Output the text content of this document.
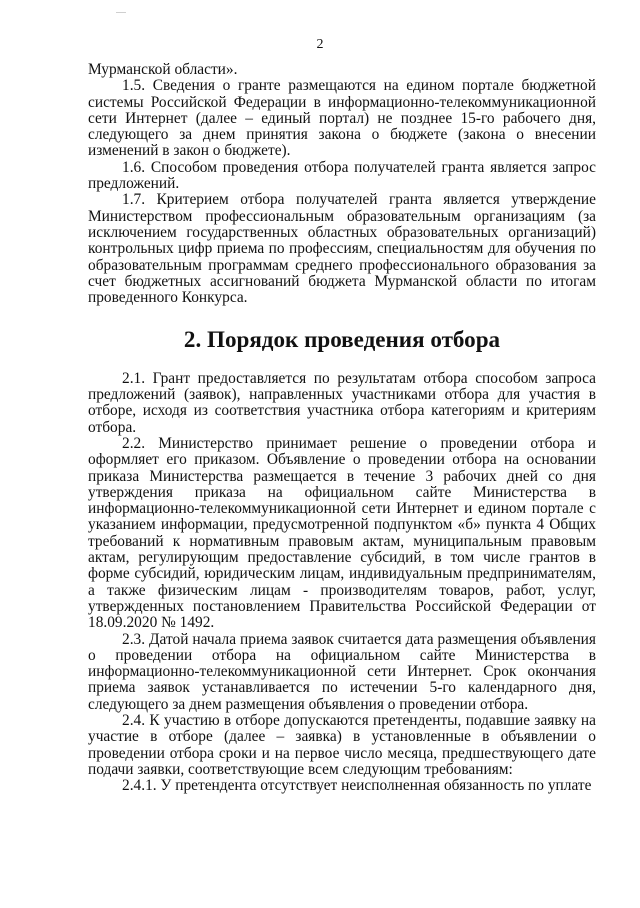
2

Мурманской области».

1.5. Сведения о гранте размещаются на едином портале бюджетной системы Российской Федерации в информационно-телекоммуникационной сети Интернет (далее – единый портал) не позднее 15-го рабочего дня, следующего за днем принятия закона о бюджете (закона о внесении изменений в закон о бюджете).

1.6. Способом проведения отбора получателей гранта является запрос предложений.

1.7. Критерием отбора получателей гранта является утверждение Министерством профессиональным образовательным организациям (за исключением государственных областных образовательных организаций) контрольных цифр приема по профессиям, специальностям для обучения по образовательным программам среднего профессионального образования за счет бюджетных ассигнований бюджета Мурманской области по итогам проведенного Конкурса.

2. Порядок проведения отбора

2.1. Грант предоставляется по результатам отбора способом запроса предложений (заявок), направленных участниками отбора для участия в отборе, исходя из соответствия участника отбора категориям и критериям отбора.

2.2. Министерство принимает решение о проведении отбора и оформляет его приказом. Объявление о проведении отбора на основании приказа Министерства размещается в течение 3 рабочих дней со дня утверждения приказа на официальном сайте Министерства в информационно-телекоммуникационной сети Интернет и едином портале с указанием информации, предусмотренной подпунктом «б» пункта 4 Общих требований к нормативным правовым актам, муниципальным правовым актам, регулирующим предоставление субсидий, в том числе грантов в форме субсидий, юридическим лицам, индивидуальным предпринимателям, а также физическим лицам - производителям товаров, работ, услуг, утвержденных постановлением Правительства Российской Федерации от 18.09.2020 № 1492.

2.3. Датой начала приема заявок считается дата размещения объявления о проведении отбора на официальном сайте Министерства в информационно-телекоммуникационной сети Интернет. Срок окончания приема заявок устанавливается по истечении 5-го календарного дня, следующего за днем размещения объявления о проведении отбора.

2.4. К участию в отборе допускаются претенденты, подавшие заявку на участие в отборе (далее – заявка) в установленные в объявлении о проведении отбора сроки и на первое число месяца, предшествующего дате подачи заявки, соответствующие всем следующим требованиям:

2.4.1. У претендента отсутствует неисполненная обязанность по уплате
